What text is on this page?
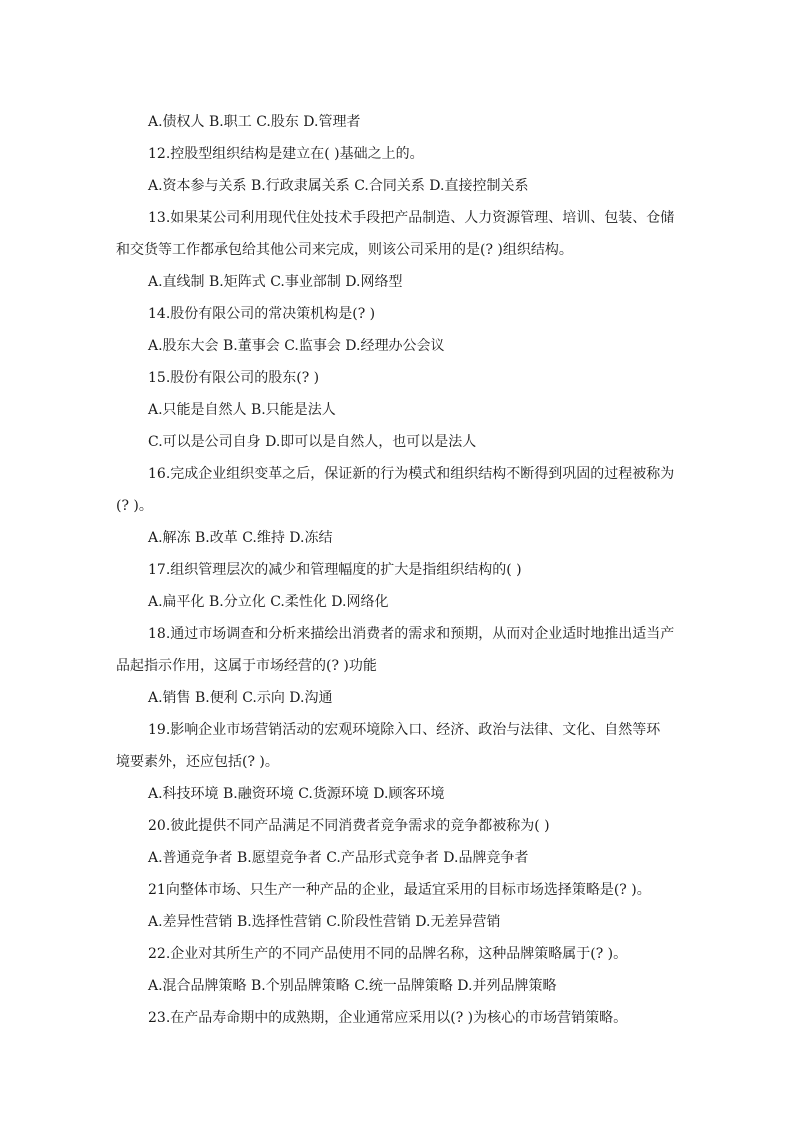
A.债权人 B.职工 C.股东 D.管理者
12.控股型组织结构是建立在( )基础之上的。
A.资本参与关系 B.行政隶属关系 C.合同关系 D.直接控制关系
13.如果某公司利用现代住处技术手段把产品制造、人力资源管理、培训、包装、仓储
和交货等工作都承包给其他公司来完成，则该公司采用的是(? )组织结构。
A.直线制 B.矩阵式 C.事业部制 D.网络型
14.股份有限公司的常决策机构是(? )
A.股东大会 B.董事会 C.监事会 D.经理办公会议
15.股份有限公司的股东(? )
A.只能是自然人 B.只能是法人
C.可以是公司自身 D.即可以是自然人，也可以是法人
16.完成企业组织变革之后，保证新的行为模式和组织结构不断得到巩固的过程被称为
(? )。
A.解冻 B.改革 C.维持 D.冻结
17.组织管理层次的减少和管理幅度的扩大是指组织结构的( )
A.扁平化 B.分立化 C.柔性化 D.网络化
18.通过市场调查和分析来描绘出消费者的需求和预期，从而对企业适时地推出适当产
品起指示作用，这属于市场经营的(? )功能
A.销售 B.便利 C.示向 D.沟通
19.影响企业市场营销活动的宏观环境除入口、经济、政治与法律、文化、自然等环
境要素外，还应包括(? )。
A.科技环境 B.融资环境 C.货源环境 D.顾客环境
20.彼此提供不同产品满足不同消费者竞争需求的竞争都被称为( )
A.普通竞争者 B.愿望竞争者 C.产品形式竞争者 D.品牌竞争者
21向整体市场、只生产一种产品的企业，最适宜采用的目标市场选择策略是(? )。
A.差异性营销 B.选择性营销 C.阶段性营销 D.无差异营销
22.企业对其所生产的不同产品使用不同的品牌名称，这种品牌策略属于(? )。
A.混合品牌策略 B.个别品牌策略 C.统一品牌策略 D.并列品牌策略
23.在产品寿命期中的成熟期，企业通常应采用以(? )为核心的市场营销策略。
